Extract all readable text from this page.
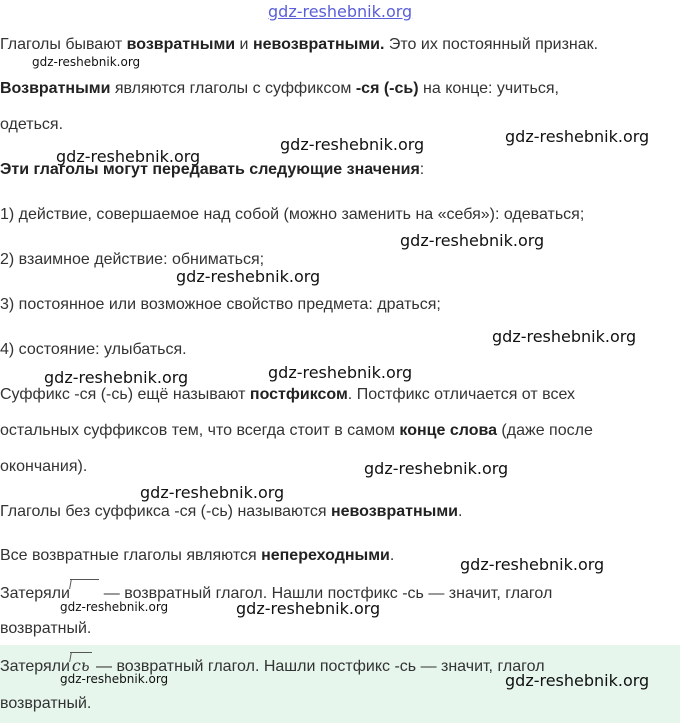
gdz-reshebnik.org
Глаголы бывают возвратными и невозвратными. Это их постоянный признак.
Возвратными являются глаголы с суффиксом -ся (-сь) на конце: учиться,
одеться.
Эти глаголы могут передавать следующие значения:
1) действие, совершаемое над собой (можно заменить на «себя»): одеваться;
2) взаимное действие: обниматься;
3) постоянное или возможное свойство предмета: драться;
4) состояние: улыбаться.
Суффикс -ся (-сь) ещё называют постфиксом. Постфикс отличается от всех
остальных суффиксов тем, что всегда стоит в самом конце слова (даже после
окончания).
Глаголы без суффикса -ся (-сь) называются невозвратными.
Все возвратные глаголы являются непереходными.
Затеряли
— возвратный глагол. Нашли постфикс -сь — значит, глагол
возвратный.
Затеряли сь — возвратный глагол. Нашли постфикс -сь — значит, глагол
возвратный.
gdz-reshebnik.org
gdz-reshebnik.org	gdz-reshebnik.org
gdz-reshebnik.org
gdz-reshebnik.org
gdz-reshebnik.org
gdz-reshebnik.org
gdz-reshebnik.org
gdz-reshebnik.org
gdz-reshebnik.org
gdz-reshebnik.org
gdz-reshebnik.org
gdz-reshebnik.org	gdz-reshebnik.org
gdz-reshebnik.org	gdz-reshebnik.org
